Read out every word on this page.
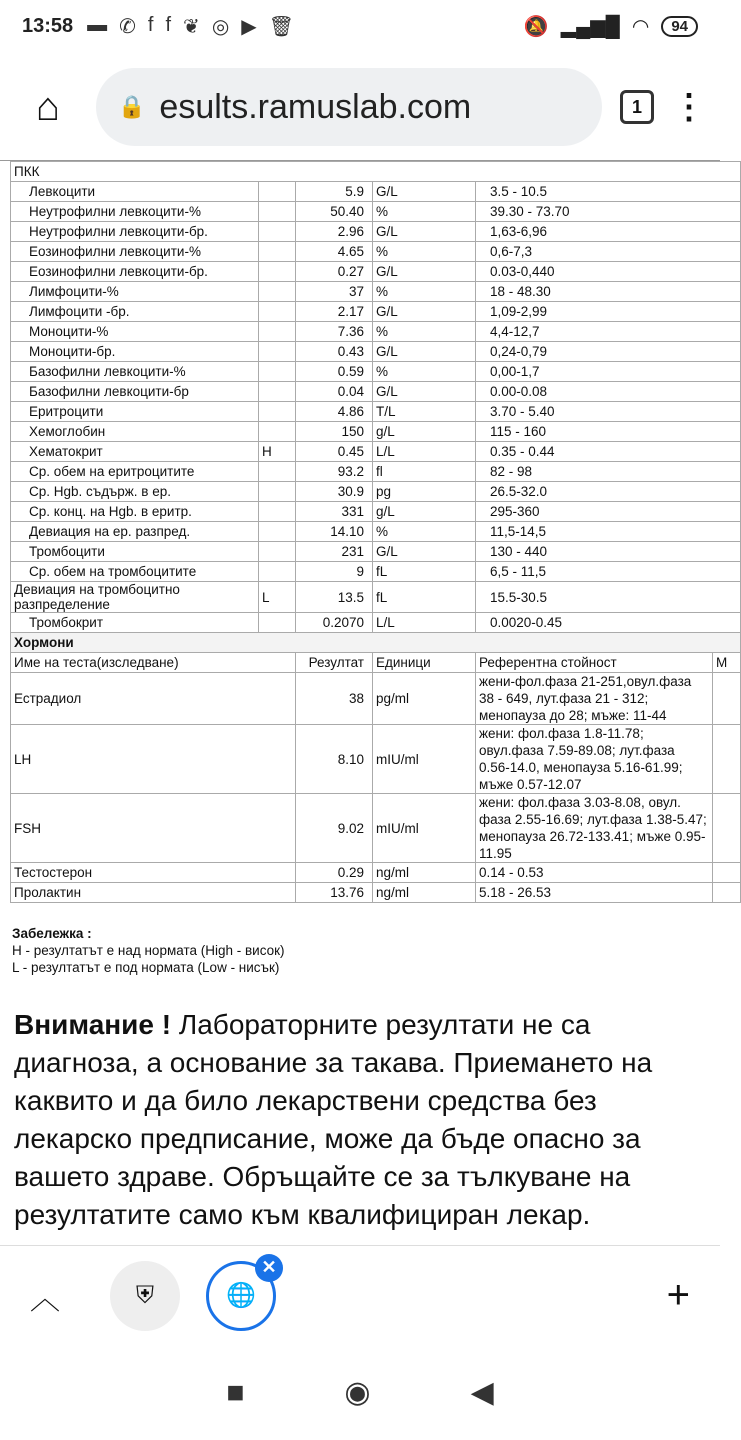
13:58 ▬ ✆ f f ❦ ◎ ▶ 🗑	🔕 ▂▄▆█ ◠	94
⌂	🔒 esults.ramuslab.com	1 ⋮
ПКК					
Левкоцити		5.9	G/L	3.5 - 10.5	
Неутрофилни левкоцити-%		50.40	%	39.30 - 73.70	
Неутрофилни левкоцити-бр.		2.96	G/L	1,63-6,96	
Еозинофилни левкоцити-%		4.65	%	0,6-7,3	
Еозинофилни левкоцити-бр.		0.27	G/L	0.03-0,440	
Лимфоцити-%		37	%	18 - 48.30	
Лимфоцити -бр.		2.17	G/L	1,09-2,99	
Моноцити-%		7.36	%	4,4-12,7	
Моноцити-бр.		0.43	G/L	0,24-0,79	
Базофилни левкоцити-%		0.59	%	0,00-1,7	
Базофилни левкоцити-бр		0.04	G/L	0.00-0.08	
Еритроцити		4.86	T/L	3.70 - 5.40	
Хемоглобин		150	g/L	115 - 160	
Хематокрит	H	0.45	L/L	0.35 - 0.44	
Ср. обем на еритроцитите		93.2	fl	82 - 98	
Ср. Hgb. съдърж. в ер.		30.9	pg	26.5-32.0	
Ср. конц. на Hgb. в еритр.		331	g/L	295-360	
Девиация на ер. разпред.		14.10	%	11,5-14,5	
Тромбоцити		231	G/L	130 - 440	
Ср. обем на тромбоцитите		9	fL	6,5 - 11,5	
Девиация на тромбоцитно разпределение	L	13.5	fL	15.5-30.5	
Тромбокрит		0.2070	L/L	0.0020-0.45	
Хормони					
Име на теста(изследване)		Резултат	Единици	Референтна стойност	М
Естрадиол		38	pg/ml	жени-фол.фаза 21-251,овул.фаза 38 - 649, лут.фаза 21 - 312; менопауза до 28; мъже: 11-44	
LH		8.10	mIU/ml	жени: фол.фаза 1.8-11.78; овул.фаза 7.59-89.08; лут.фаза 0.56-14.0, менопауза 5.16-61.99; мъже 0.57-12.07	
FSH		9.02	mIU/ml	жени: фол.фаза 3.03-8.08, овул. фаза 2.55-16.69; лут.фаза 1.38-5.47; менопауза 26.72-133.41; мъже 0.95-11.95	
Тестостерон		0.29	ng/ml	0.14 - 0.53	
Пролактин		13.76	ng/ml	5.18 - 26.53	
Забележка :
H - резултатът е над нормата (High - висок)
L - резултатът е под нормата (Low - нисък)
Внимание ! Лабораторните резултати не са диагноза, а основание за такава. Приемането на каквито и да било лекарствени средства без лекарско предписание, може да бъде опасно за вашето здраве. Обръщайте се за тълкуване на резултатите само към квалифициран лекар.
︿	⛨	🌐
✕
+
■	◉	◀
